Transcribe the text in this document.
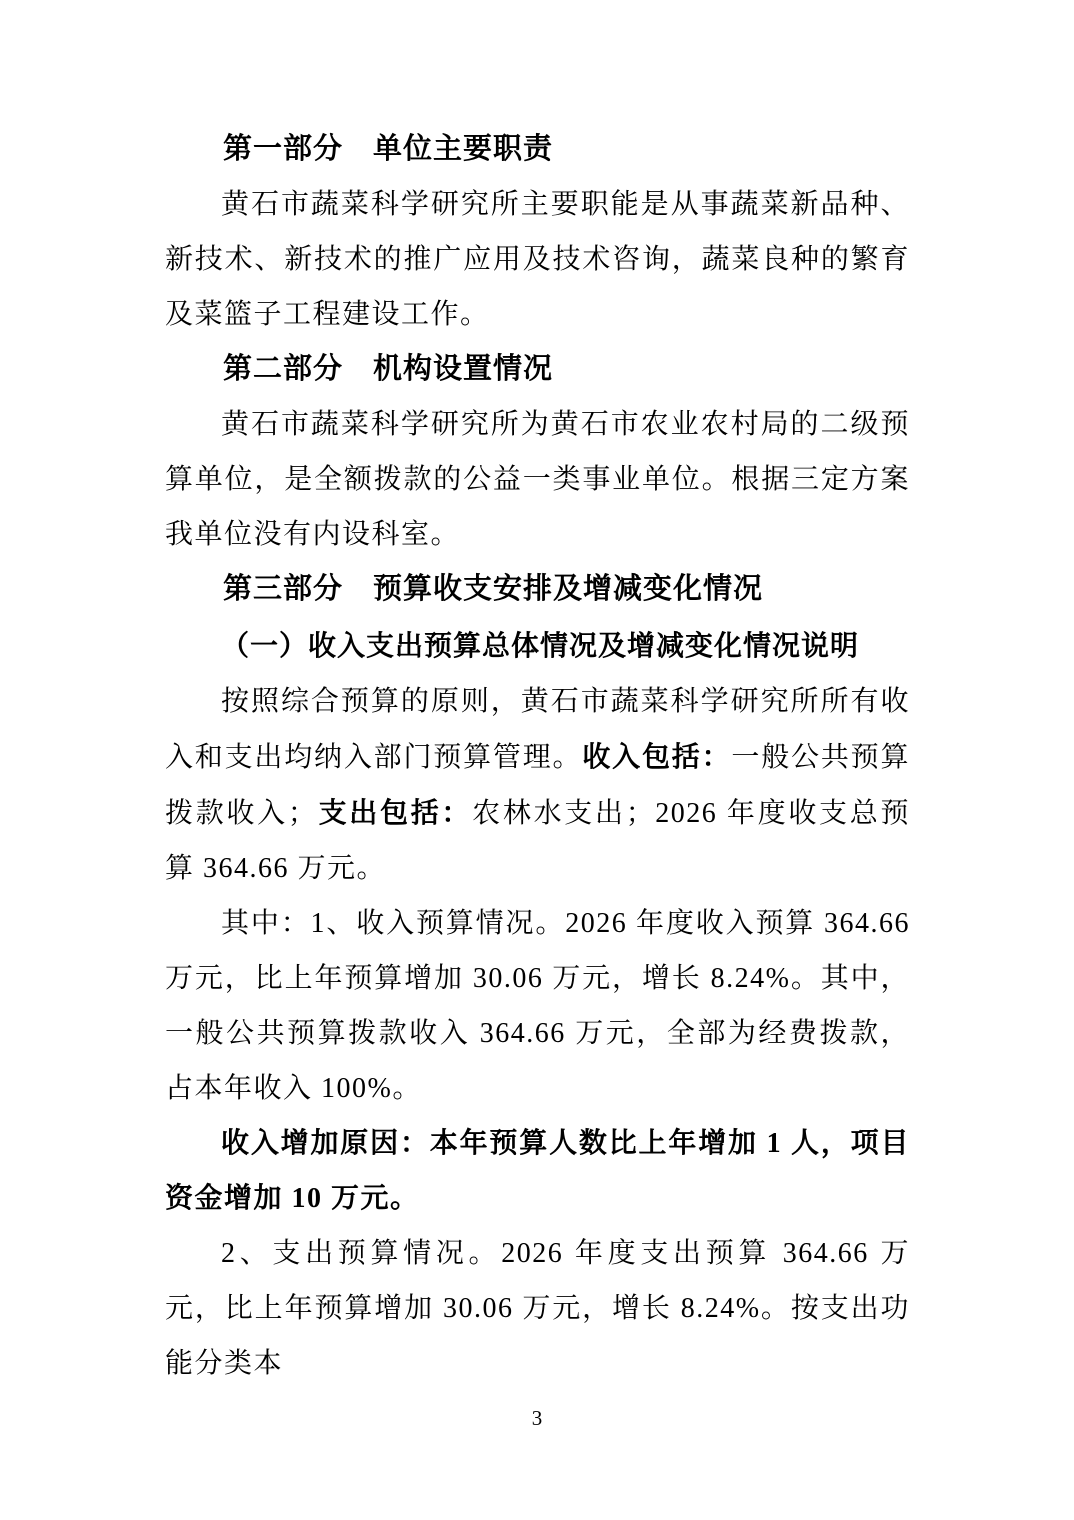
第一部分　单位主要职责

黄石市蔬菜科学研究所主要职能是从事蔬菜新品种、新技术、新技术的推广应用及技术咨询，蔬菜良种的繁育及菜篮子工程建设工作。

第二部分　机构设置情况

黄石市蔬菜科学研究所为黄石市农业农村局的二级预算单位，是全额拨款的公益一类事业单位。根据三定方案我单位没有内设科室。

第三部分　预算收支安排及增减变化情况
（一）收入支出预算总体情况及增减变化情况说明

按照综合预算的原则，黄石市蔬菜科学研究所所有收入和支出均纳入部门预算管理。收入包括：一般公共预算拨款收入；支出包括：农林水支出；2026 年度收支总预算 364.66 万元。

其中：1、收入预算情况。2026 年度收入预算 364.66 万元，比上年预算增加 30.06 万元，增长 8.24%。其中，一般公共预算拨款收入 364.66 万元，全部为经费拨款，占本年收入 100%。

收入增加原因：本年预算人数比上年增加 1 人，项目资金增加 10 万元。

2、支出预算情况。2026 年度支出预算 364.66 万元，比上年预算增加 30.06 万元，增长 8.24%。按支出功能分类本

3
